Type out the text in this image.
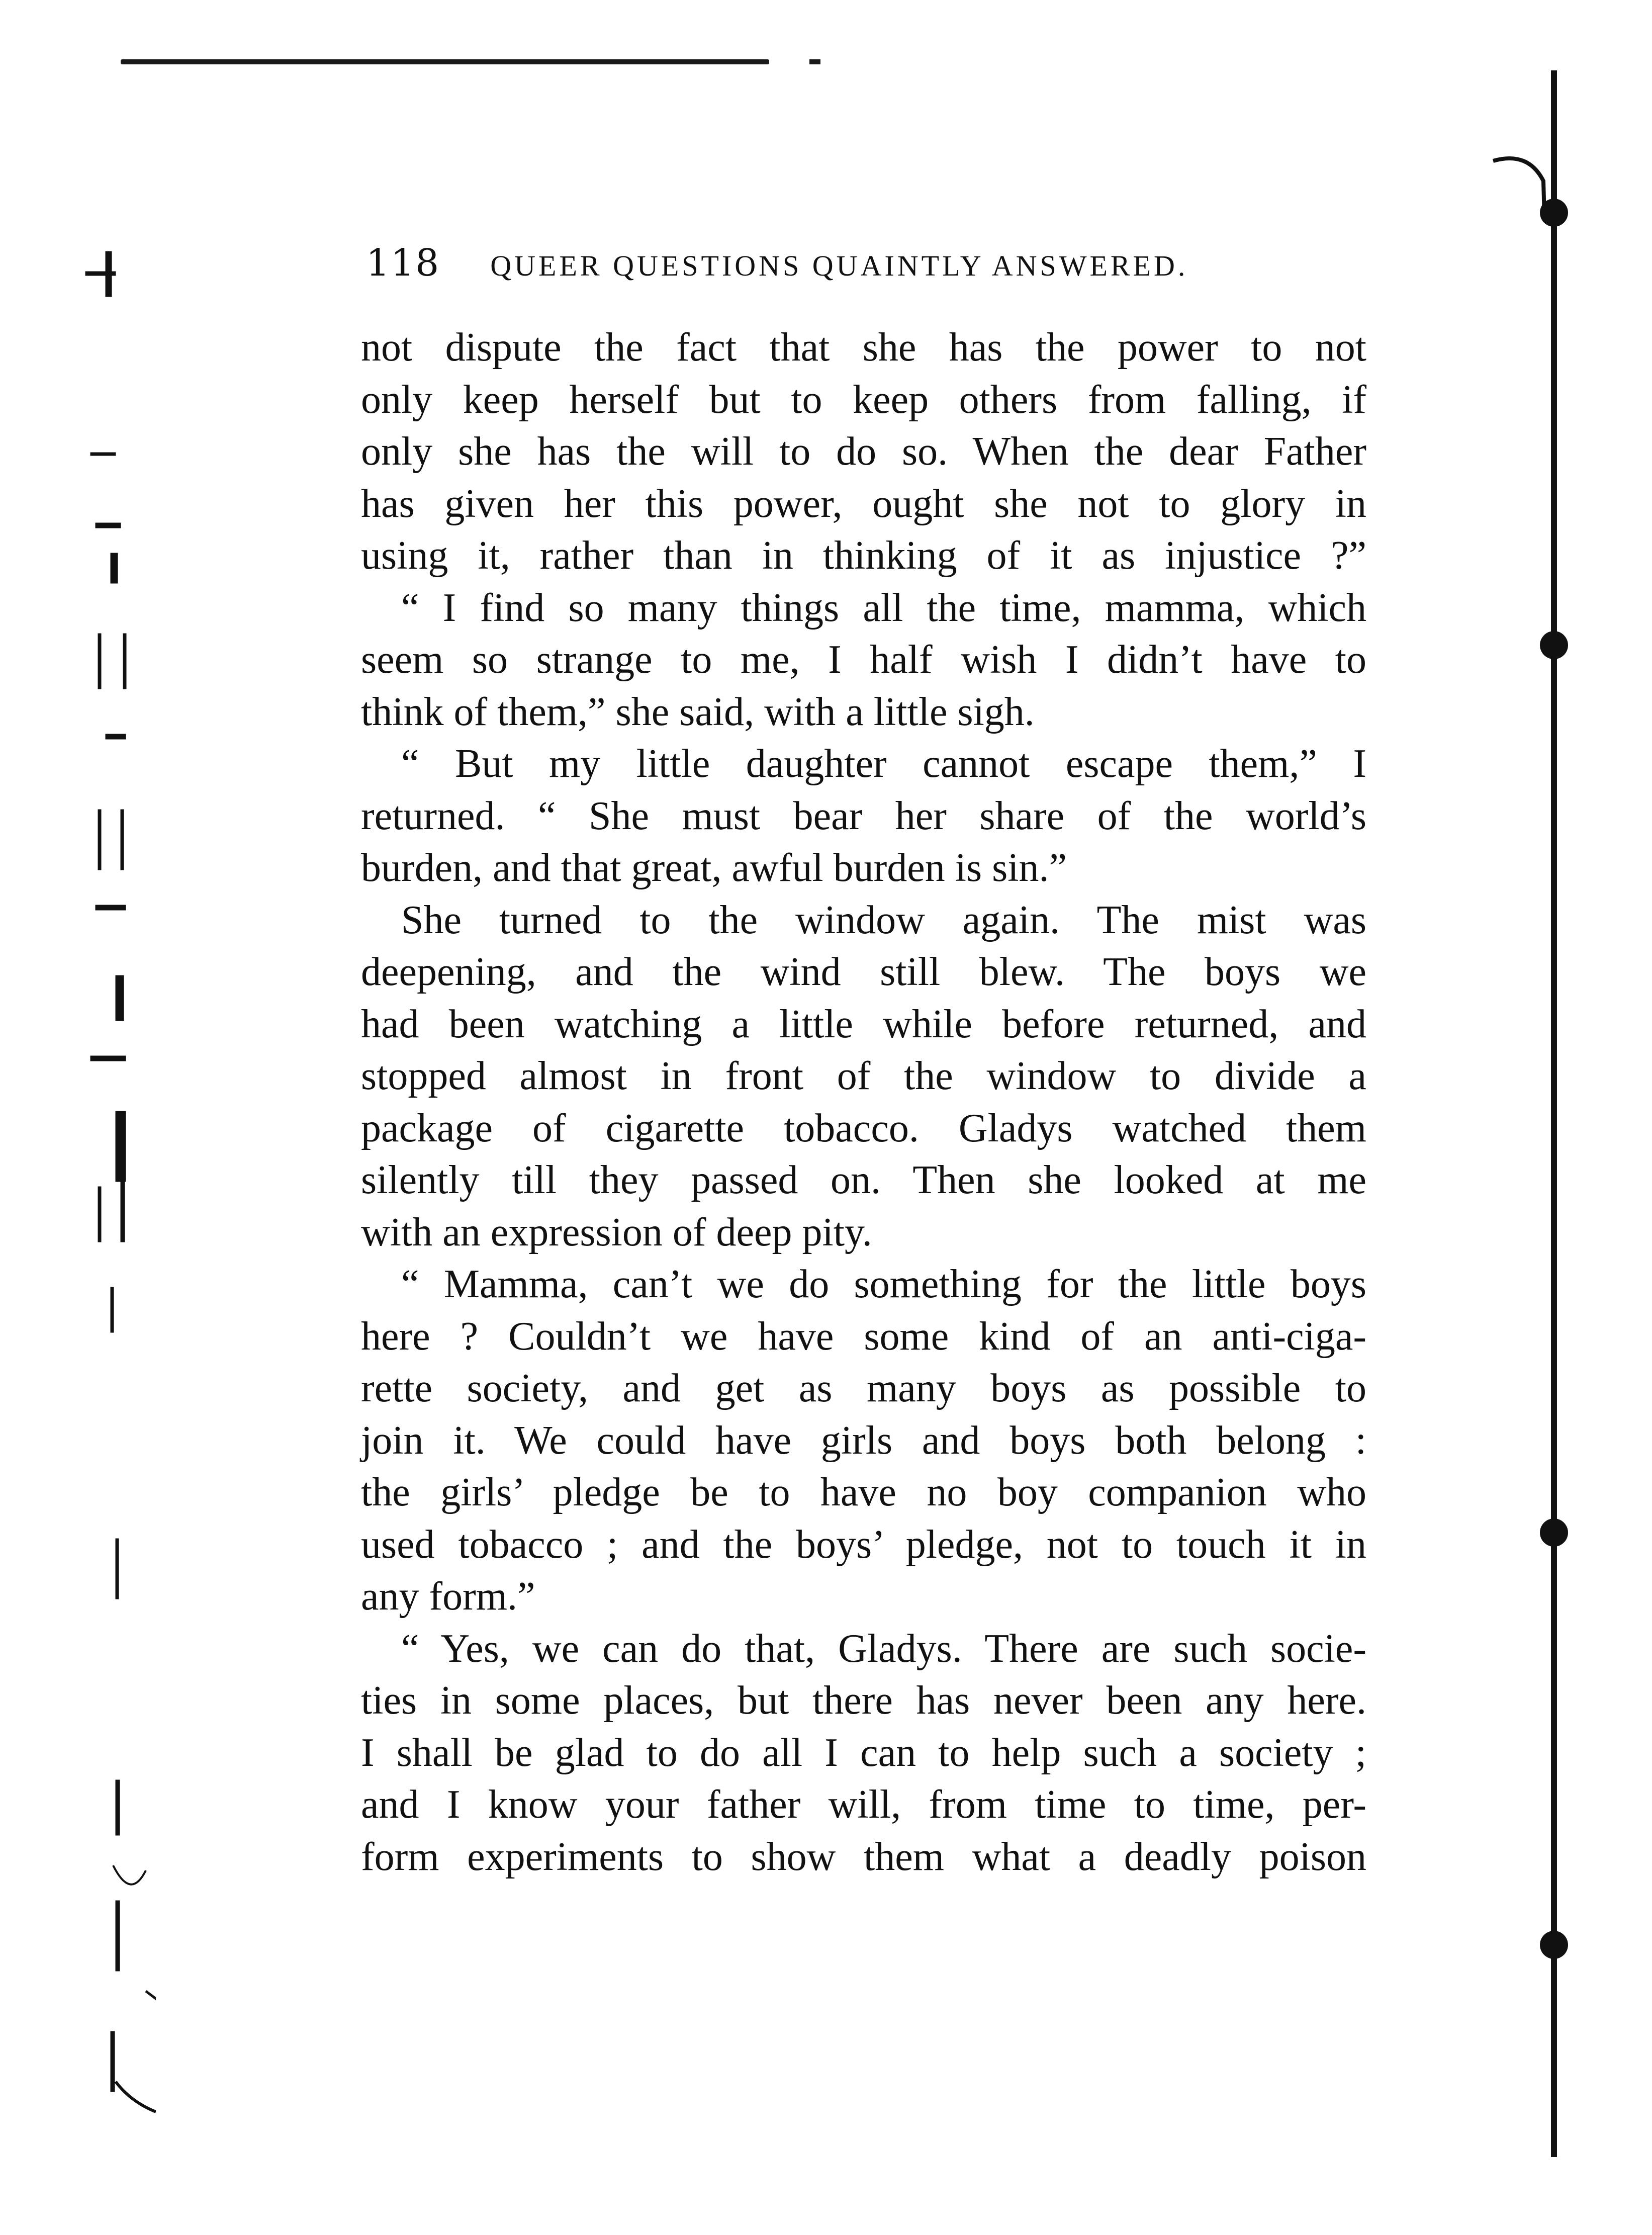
118 QUEER QUESTIONS QUAINTLY ANSWERED.
not dispute the fact that she has the power to not
only keep herself but to keep others from falling, if
only she has the will to do so. When the dear Father
has given her this power, ought she not to glory in
using it, rather than in thinking of it as injustice ?”
“ I find so many things all the time, mamma, which
seem so strange to me, I half wish I didn’t have to
think of them,” she said, with a little sigh.
“ But my little daughter cannot escape them,” I
returned. “ She must bear her share of the world’s
burden, and that great, awful burden is sin.”
She turned to the window again. The mist was
deepening, and the wind still blew. The boys we
had been watching a little while before returned, and
stopped almost in front of the window to divide a
package of cigarette tobacco. Gladys watched them
silently till they passed on. Then she looked at me
with an expression of deep pity.
“ Mamma, can’t we do something for the little boys
here ? Couldn’t we have some kind of an anti-ciga-
rette society, and get as many boys as possible to
join it. We could have girls and boys both belong :
the girls’ pledge be to have no boy companion who
used tobacco ; and the boys’ pledge, not to touch it in
any form.”
“ Yes, we can do that, Gladys. There are such socie-
ties in some places, but there has never been any here.
I shall be glad to do all I can to help such a society ;
and I know your father will, from time to time, per-
form experiments to show them what a deadly poison
